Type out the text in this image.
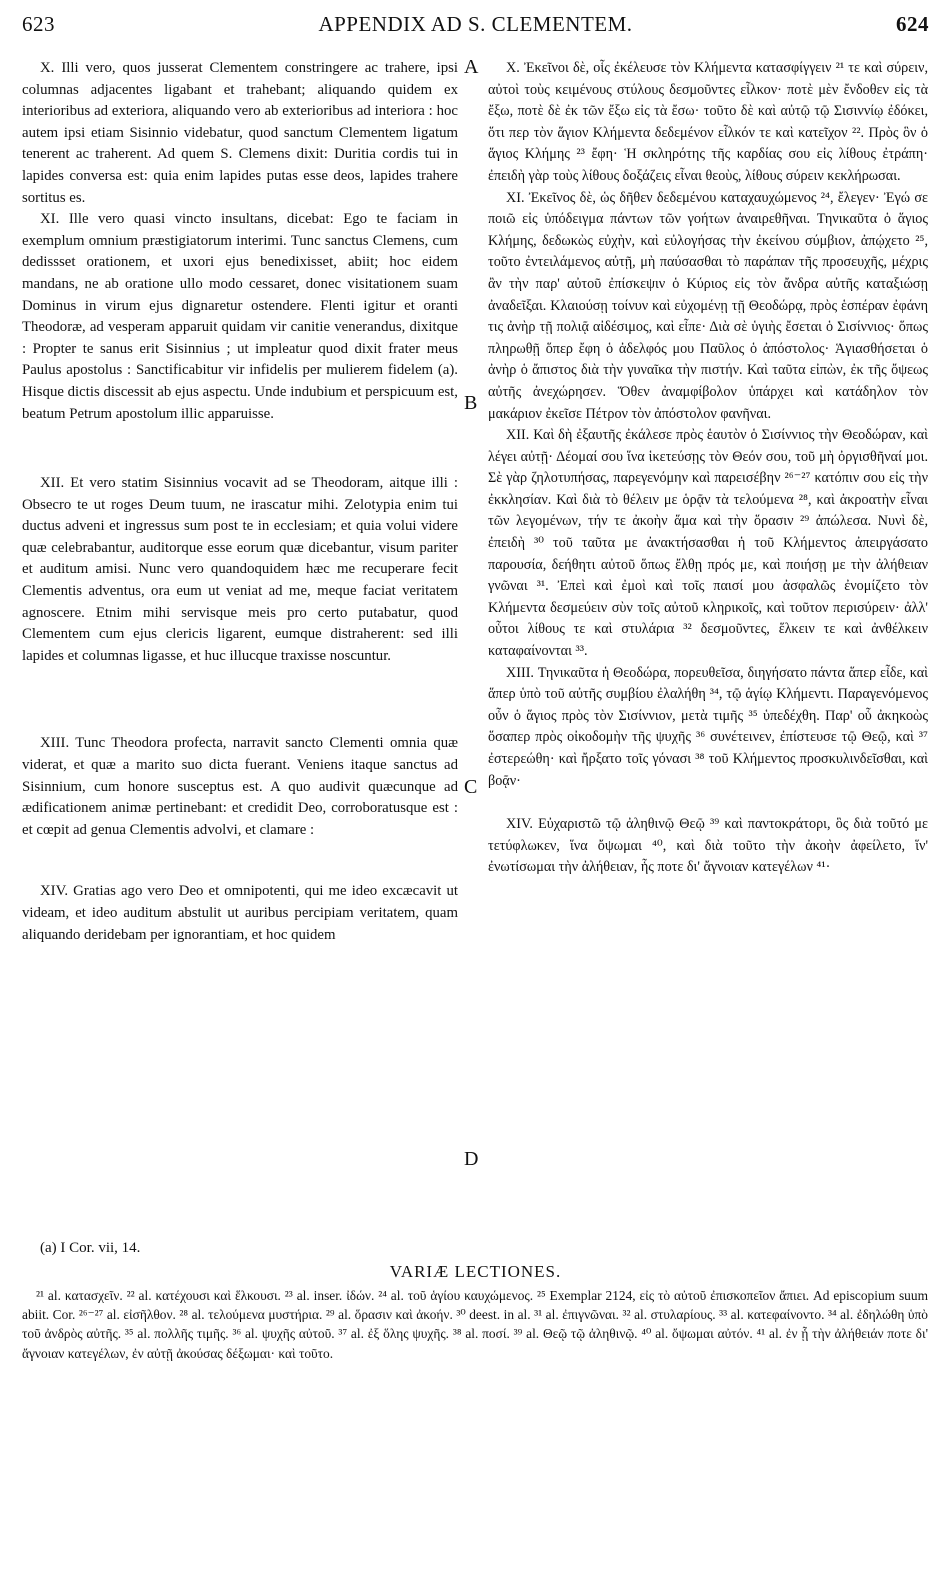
623	APPENDIX AD S. CLEMENTEM.	624

X. Illi vero, quos jusserat Clementem constringere ac trahere, ipsi columnas adjacentes ligabant et trahebant; aliquando quidem ex interioribus ad exteriora, aliquando vero ab exterioribus ad interiora : hoc autem ipsi etiam Sisinnio videbatur, quod sanctum Clementem ligatum tenerent ac traherent. Ad quem S. Clemens dixit: Duritia cordis tui in lapides conversa est: quia enim lapides putas esse deos, lapides trahere sortitus es.

XI. Ille vero quasi vincto insultans, dicebat: Ego te faciam in exemplum omnium præstigiatorum interimi. Tunc sanctus Clemens, cum dedissset orationem, et uxori ejus benedixisset, abiit; hoc eidem mandans, ne ab oratione ullo modo cessaret, donec visitationem suam Dominus in virum ejus dignaretur ostendere. Flenti igitur et oranti Theodoræ, ad vesperam apparuit quidam vir canitie venerandus, dixitque : Propter te sanus erit Sisinnius ; ut impleatur quod dixit frater meus Paulus apostolus : Sanctificabitur vir infidelis per mulierem fidelem (a). Hisque dictis discessit ab ejus aspectu. Unde indubium et perspicuum est, beatum Petrum apostolum illic apparuisse.

XII. Et vero statim Sisinnius vocavit ad se Theodoram, aitque illi : Obsecro te ut roges Deum tuum, ne irascatur mihi. Zelotypia enim tui ductus adveni et ingressus sum post te in ecclesiam; et quia volui videre quæ celebrabantur, auditorque esse eorum quæ dicebantur, visum pariter et auditum amisi. Nunc vero quandoquidem hæc me recuperare fecit Clementis adventus, ora eum ut veniat ad me, meque faciat veritatem agnoscere. Etnim mihi servisque meis pro certo putabatur, quod Clementem cum ejus clericis ligarent, eumque distraherent: sed illi lapides et columnas ligasse, et huc illucque traxisse noscuntur.

XIII. Tunc Theodora profecta, narravit sancto Clementi omnia quæ viderat, et quæ a marito suo dicta fuerant. Veniens itaque sanctus ad Sisinnium, cum honore susceptus est. A quo audivit quæcunque ad ædificationem animæ pertinebant: et credidit Deo, corroboratusque est : et cœpit ad genua Clementis advolvi, et clamare :

XIV. Gratias ago vero Deo et omnipotenti, qui me ideo excæcavit ut videam, et ideo auditum abstulit ut auribus percipiam veritatem, quam aliquando deridebam per ignorantiam, et hoc quidem

A
B
C
D

X. Ἐκεῖνοι δὲ, οἷς ἐκέλευσε τὸν Κλήμεντα κατασφίγγειν ²¹ τε καὶ σύρειν, αὐτοὶ τοὺς κειμένους στύλους δεσμοῦντες εἷλκον· ποτὲ μὲν ἔνδοθεν εἰς τὰ ἔξω, ποτὲ δὲ ἐκ τῶν ἔξω εἰς τὰ ἔσω· τοῦτο δὲ καὶ αὐτῷ τῷ Σισιννίῳ ἐδόκει, ὅτι περ τὸν ἅγιον Κλήμεντα δεδεμένον εἷλκόν τε καὶ κατεῖχον ²². Πρὸς ὃν ὁ ἅγιος Κλήμης ²³ ἔφη· Ἡ σκληρότης τῆς καρδίας σου εἰς λίθους ἐτράπη· ἐπειδὴ γὰρ τοὺς λίθους δοξάζεις εἶναι θεοὺς, λίθους σύρειν κεκλήρωσαι.

XI. Ἐκεῖνος δὲ, ὡς δῆθεν δεδεμένου καταχαυχώμενος ²⁴, ἔλεγεν· Ἐγώ σε ποιῶ εἰς ὑπόδειγμα πάντων τῶν γοήτων ἀναιρεθῆναι. Τηνικαῦτα ὁ ἅγιος Κλήμης, δεδωκὼς εὐχὴν, καὶ εὐλογήσας τὴν ἐκείνου σύμβιον, ἀπῴχετο ²⁵, τοῦτο ἐντειλάμενος αὐτῇ, μὴ παύσασθαι τὸ παράπαν τῆς προσευχῆς, μέχρις ἂν τὴν παρ' αὐτοῦ ἐπίσκεψιν ὁ Κύριος εἰς τὸν ἄνδρα αὐτῆς καταξιώσῃ ἀναδεῖξαι. Κλαιούσῃ τοίνυν καὶ εὐχομένῃ τῇ Θεοδώρᾳ, πρὸς ἑσπέραν ἐφάνη τις ἀνὴρ τῇ πολιᾷ αἰδέσιμος, καὶ εἶπε· Διὰ σὲ ὑγιὴς ἔσεται ὁ Σισίννιος· ὅπως πληρωθῇ ὅπερ ἔφη ὁ ἀδελφός μου Παῦλος ὁ ἀπόστολος· Ἁγιασθήσεται ὁ ἀνὴρ ὁ ἄπιστος διὰ τὴν γυναῖκα τὴν πιστήν. Καὶ ταῦτα εἰπὼν, ἐκ τῆς ὄψεως αὐτῆς ἀνεχώρησεν. Ὅθεν ἀναμφίβολον ὑπάρχει καὶ κατάδηλον τὸν μακάριον ἐκεῖσε Πέτρον τὸν ἀπόστολον φανῆναι.

XII. Καὶ δὴ ἐξαυτῆς ἐκάλεσε πρὸς ἑαυτὸν ὁ Σισίννιος τὴν Θεοδώραν, καὶ λέγει αὐτῇ· Δέομαί σου ἵνα ἱκετεύσῃς τὸν Θεόν σου, τοῦ μὴ ὀργισθῆναί μοι. Σὲ γὰρ ζηλοτυπήσας, παρεγενόμην καὶ παρεισέβην ²⁶⁻²⁷ κατόπιν σου εἰς τὴν ἐκκλησίαν. Καὶ διὰ τὸ θέλειν με ὁρᾷν τὰ τελούμενα ²⁸, καὶ ἀκροατὴν εἶναι τῶν λεγομένων, τήν τε ἀκοὴν ἅμα καὶ τὴν ὅρασιν ²⁹ ἀπώλεσα. Νυνὶ δὲ, ἐπειδὴ ³⁰ τοῦ ταῦτα με ἀνακτήσασθαι ἡ τοῦ Κλήμεντος ἀπειργάσατο παρουσία, δεήθητι αὐτοῦ ὅπως ἔλθῃ πρός με, καὶ ποιήσῃ με τὴν ἀλήθειαν γνῶναι ³¹. Ἐπεὶ καὶ ἐμοὶ καὶ τοῖς παισί μου ἀσφαλῶς ἐνομίζετο τὸν Κλήμεντα δεσμεύειν σὺν τοῖς αὐτοῦ κληρικοῖς, καὶ τοῦτον περισύρειν· ἀλλ' οὗτοι λίθους τε καὶ στυλάρια ³² δεσμοῦντες, ἕλκειν τε καὶ ἀνθέλκειν καταφαίνονται ³³.

XIII. Τηνικαῦτα ἡ Θεοδώρα, πορευθεῖσα, διηγήσατο πάντα ἅπερ εἶδε, καὶ ἅπερ ὑπὸ τοῦ αὐτῆς συμβίου ἐλαλήθη ³⁴, τῷ ἁγίῳ Κλήμεντι. Παραγενόμενος οὖν ὁ ἅγιος πρὸς τὸν Σισίννιον, μετὰ τιμῆς ³⁵ ὑπεδέχθη. Παρ' οὗ ἀκηκοὼς ὅσαπερ πρὸς οἰκοδομὴν τῆς ψυχῆς ³⁶ συνέτεινεν, ἐπίστευσε τῷ Θεῷ, καὶ ³⁷ ἐστερεώθη· καὶ ἤρξατο τοῖς γόνασι ³⁸ τοῦ Κλήμεντος προσκυλινδεῖσθαι, καὶ βοᾷν·

XIV. Εὐχαριστῶ τῷ ἀληθινῷ Θεῷ ³⁹ καὶ παντοκράτορι, ὃς διὰ τοῦτό με τετύφλωκεν, ἵνα ὄψωμαι ⁴⁰, καὶ διὰ τοῦτο τὴν ἀκοὴν ἀφείλετο, ἵν' ἐνωτίσωμαι τὴν ἀλήθειαν, ἧς ποτε δι' ἄγνοιαν κατεγέλων ⁴¹·

(a) I Cor. vii, 14.
VARIÆ LECTIONES.

²¹ al. κατασχεῖν. ²² al. κατέχουσι καὶ ἕλκουσι. ²³ al. inser. ἰδών. ²⁴ al. τοῦ ἁγίου καυχώμενος. ²⁵ Exemplar 2124, εἰς τὸ αὐτοῦ ἐπισκοπεῖον ἄπιει. Ad episcopium suum abiit. Cor. ²⁶⁻²⁷ al. εἰσῆλθον. ²⁸ al. τελούμενα μυστήρια. ²⁹ al. ὅρασιν καὶ ἀκοήν. ³⁰ deest. in al. ³¹ al. ἐπιγνῶναι. ³² al. στυλαρίους. ³³ al. κατεφαίνοντο. ³⁴ al. ἐδηλώθη ὑπὸ τοῦ ἀνδρὸς αὐτῆς. ³⁵ al. πολλῆς τιμῆς. ³⁶ al. ψυχῆς αὐτοῦ. ³⁷ al. ἐξ ὅλης ψυχῆς. ³⁸ al. ποσί. ³⁹ al. Θεῷ τῷ ἀληθινῷ. ⁴⁰ al. ὄψωμαι αὐτόν. ⁴¹ al. ἐν ᾗ τὴν ἀλήθειάν ποτε δι' ἄγνοιαν κατεγέλων, ἐν αὐτῇ ἀκούσας δέξωμαι· καὶ τοῦτο.
